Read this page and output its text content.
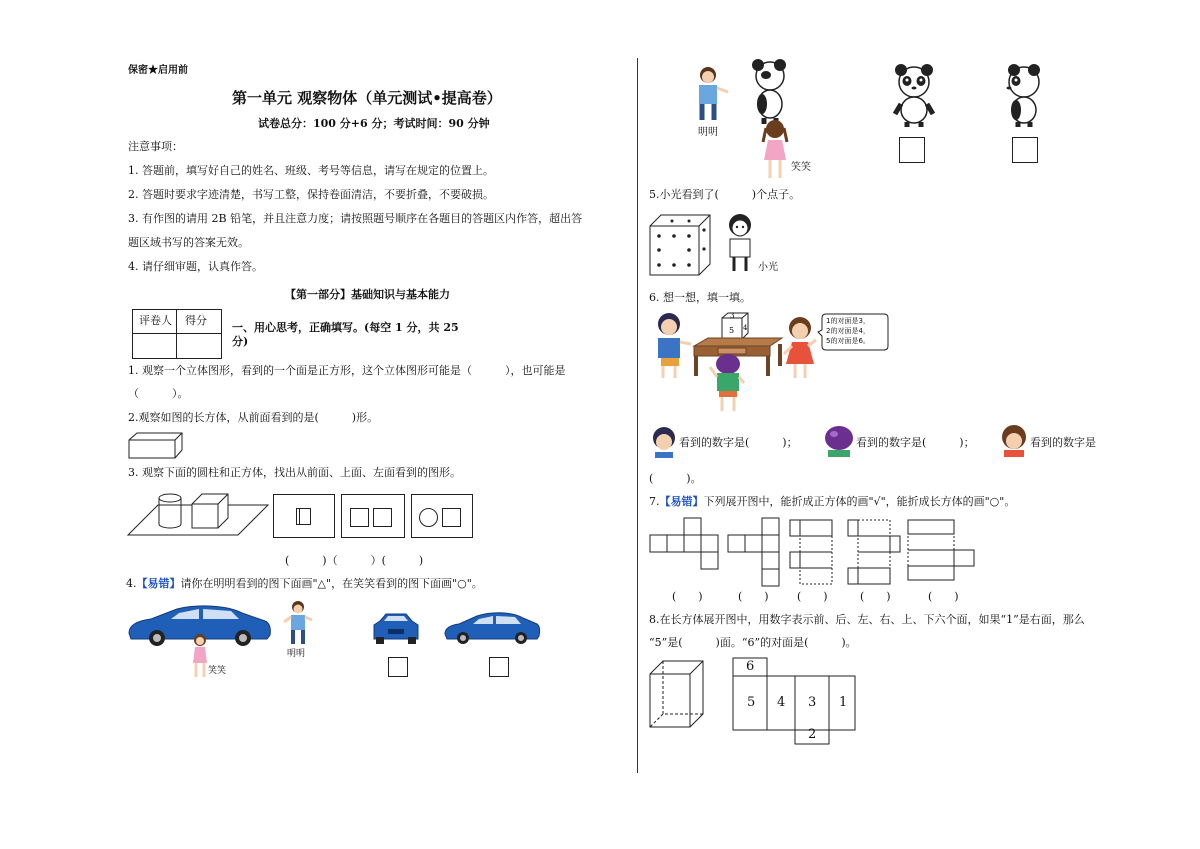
保密★启用前
第一单元 观察物体（单元测试•提高卷）
试卷总分：100 分+6 分；考试时间：90 分钟
注意事项：
1. 答题前，填写好自己的姓名、班级、考号等信息，请写在规定的位置上。
2. 答题时要求字迹清楚，书写工整，保持卷面清洁，不要折叠，不要破损。
3. 有作图的请用 2B 铅笔，并且注意力度；请按照题号顺序在各题目的答题区内作答，超出答
题区域书写的答案无效。
4. 请仔细审题，认真作答。
【第一部分】基础知识与基本能力
评卷人 得分
一、用心思考，正确填写。(每空 1 分，共 25
分)
1. 观察一个立体图形，看到的一个面是正方形，这个立体图形可能是（　　　），也可能是
（　　　）。
2.观察如图的长方体，从前面看到的是(　　　)形。
3. 观察下面的圆柱和正方体，找出从前面、上面、左面看到的图形。
(　　　)（　　　）(　　　)
4.【易错】请你在明明看到的图下面画"△"，在笑笑看到的图下面画"○"。
笑笑
明明
明明
笑笑
5.小光看到了(　　　)个点子。
小光
6. 想一想，填一填。
3
4
5
1的对面是3，
2的对面是4，
5的对面是6。
看到的数字是(　　　)；	看到的数字是(　　　)；	看到的数字是
(　　　)。
7.【易错】下列展开图中，能折成正方体的画"√"，能折成长方体的画"○"。
(　　)	(　　)	(　　)	(　　)	(　　)
8.在长方体展开图中，用数字表示前、后、左、右、上、下六个面，如果“1”是右面，那么
“5”是(　　　)面。“6”的对面是(　　　)。
6
5 4 3 1
2
